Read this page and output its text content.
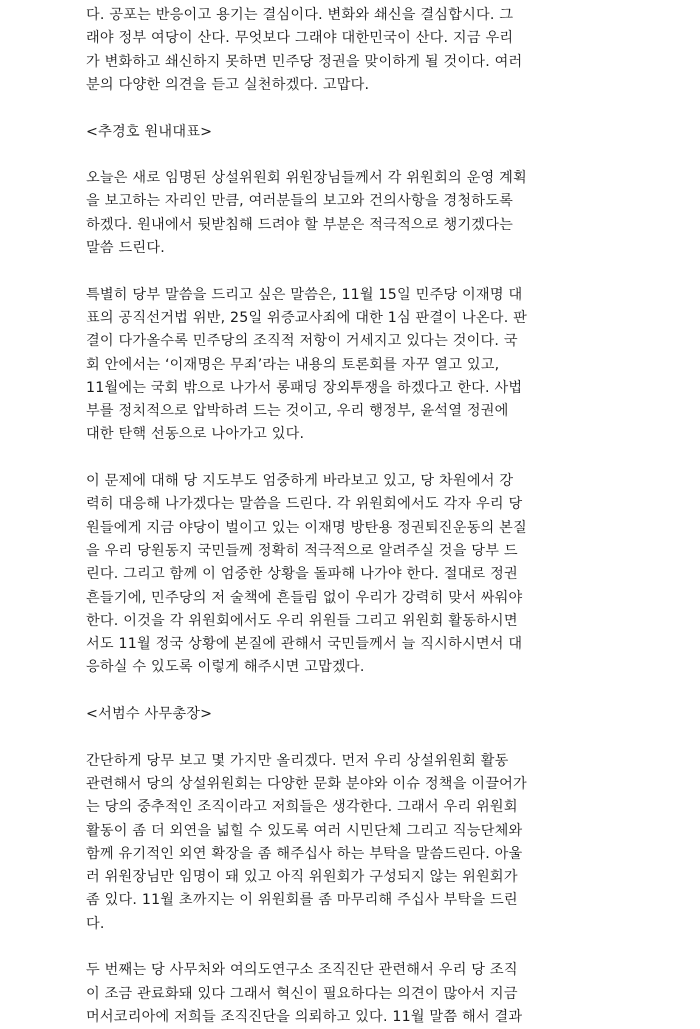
다. 공포는 반응이고 용기는 결심이다. 변화와 쇄신을 결심합시다. 그
래야 정부 여당이 산다. 무엇보다 그래야 대한민국이 산다. 지금 우리
가 변화하고 쇄신하지 못하면 민주당 정권을 맞이하게 될 것이다. 여러
분의 다양한 의견을 듣고 실천하겠다. 고맙다.
<추경호 원내대표>
오늘은 새로 임명된 상설위원회 위원장님들께서 각 위원회의 운영 계획
을 보고하는 자리인 만큼, 여러분들의 보고와 건의사항을 경청하도록
하겠다. 원내에서 뒷받침해 드려야 할 부분은 적극적으로 챙기겠다는
말씀 드린다.
특별히 당부 말씀을 드리고 싶은 말씀은, 11월 15일 민주당 이재명 대
표의 공직선거법 위반, 25일 위증교사죄에 대한 1심 판결이 나온다. 판
결이 다가올수록 민주당의 조직적 저항이 거세지고 있다는 것이다. 국
회 안에서는 ‘이재명은 무죄’라는 내용의 토론회를 자꾸 열고 있고,
11월에는 국회 밖으로 나가서 롱패딩 장외투쟁을 하겠다고 한다. 사법
부를 정치적으로 압박하려 드는 것이고, 우리 행정부, 윤석열 정권에
대한 탄핵 선동으로 나아가고 있다.
이 문제에 대해 당 지도부도 엄중하게 바라보고 있고, 당 차원에서 강
력히 대응해 나가겠다는 말씀을 드린다. 각 위원회에서도 각자 우리 당
원들에게 지금 야당이 벌이고 있는 이재명 방탄용 정권퇴진운동의 본질
을 우리 당원동지 국민들께 정확히 적극적으로 알려주실 것을 당부 드
린다. 그리고 함께 이 엄중한 상황을 돌파해 나가야 한다. 절대로 정권
흔들기에, 민주당의 저 술책에 흔들림 없이 우리가 강력히 맞서 싸워야
한다. 이것을 각 위원회에서도 우리 위원들 그리고 위원회 활동하시면
서도 11월 정국 상황에 본질에 관해서 국민들께서 늘 직시하시면서 대
응하실 수 있도록 이렇게 해주시면 고맙겠다.
<서범수 사무총장>
간단하게 당무 보고 몇 가지만 올리겠다. 먼저 우리 상설위원회 활동
관련해서 당의 상설위원회는 다양한 문화 분야와 이슈 정책을 이끌어가
는 당의 중추적인 조직이라고 저희들은 생각한다. 그래서 우리 위원회
활동이 좀 더 외연을 넓힐 수 있도록 여러 시민단체 그리고 직능단체와
함께 유기적인 외연 확장을 좀 해주십사 하는 부탁을 말씀드린다. 아울
러 위원장님만 임명이 돼 있고 아직 위원회가 구성되지 않는 위원회가
좀 있다. 11월 초까지는 이 위원회를 좀 마무리해 주십사 부탁을 드린
다.
두 번째는 당 사무처와 여의도연구소 조직진단 관련해서 우리 당 조직
이 조금 관료화돼 있다 그래서 혁신이 필요하다는 의견이 많아서 지금
머서코리아에 저희들 조직진단을 의뢰하고 있다. 11월 말쯤 해서 결과
